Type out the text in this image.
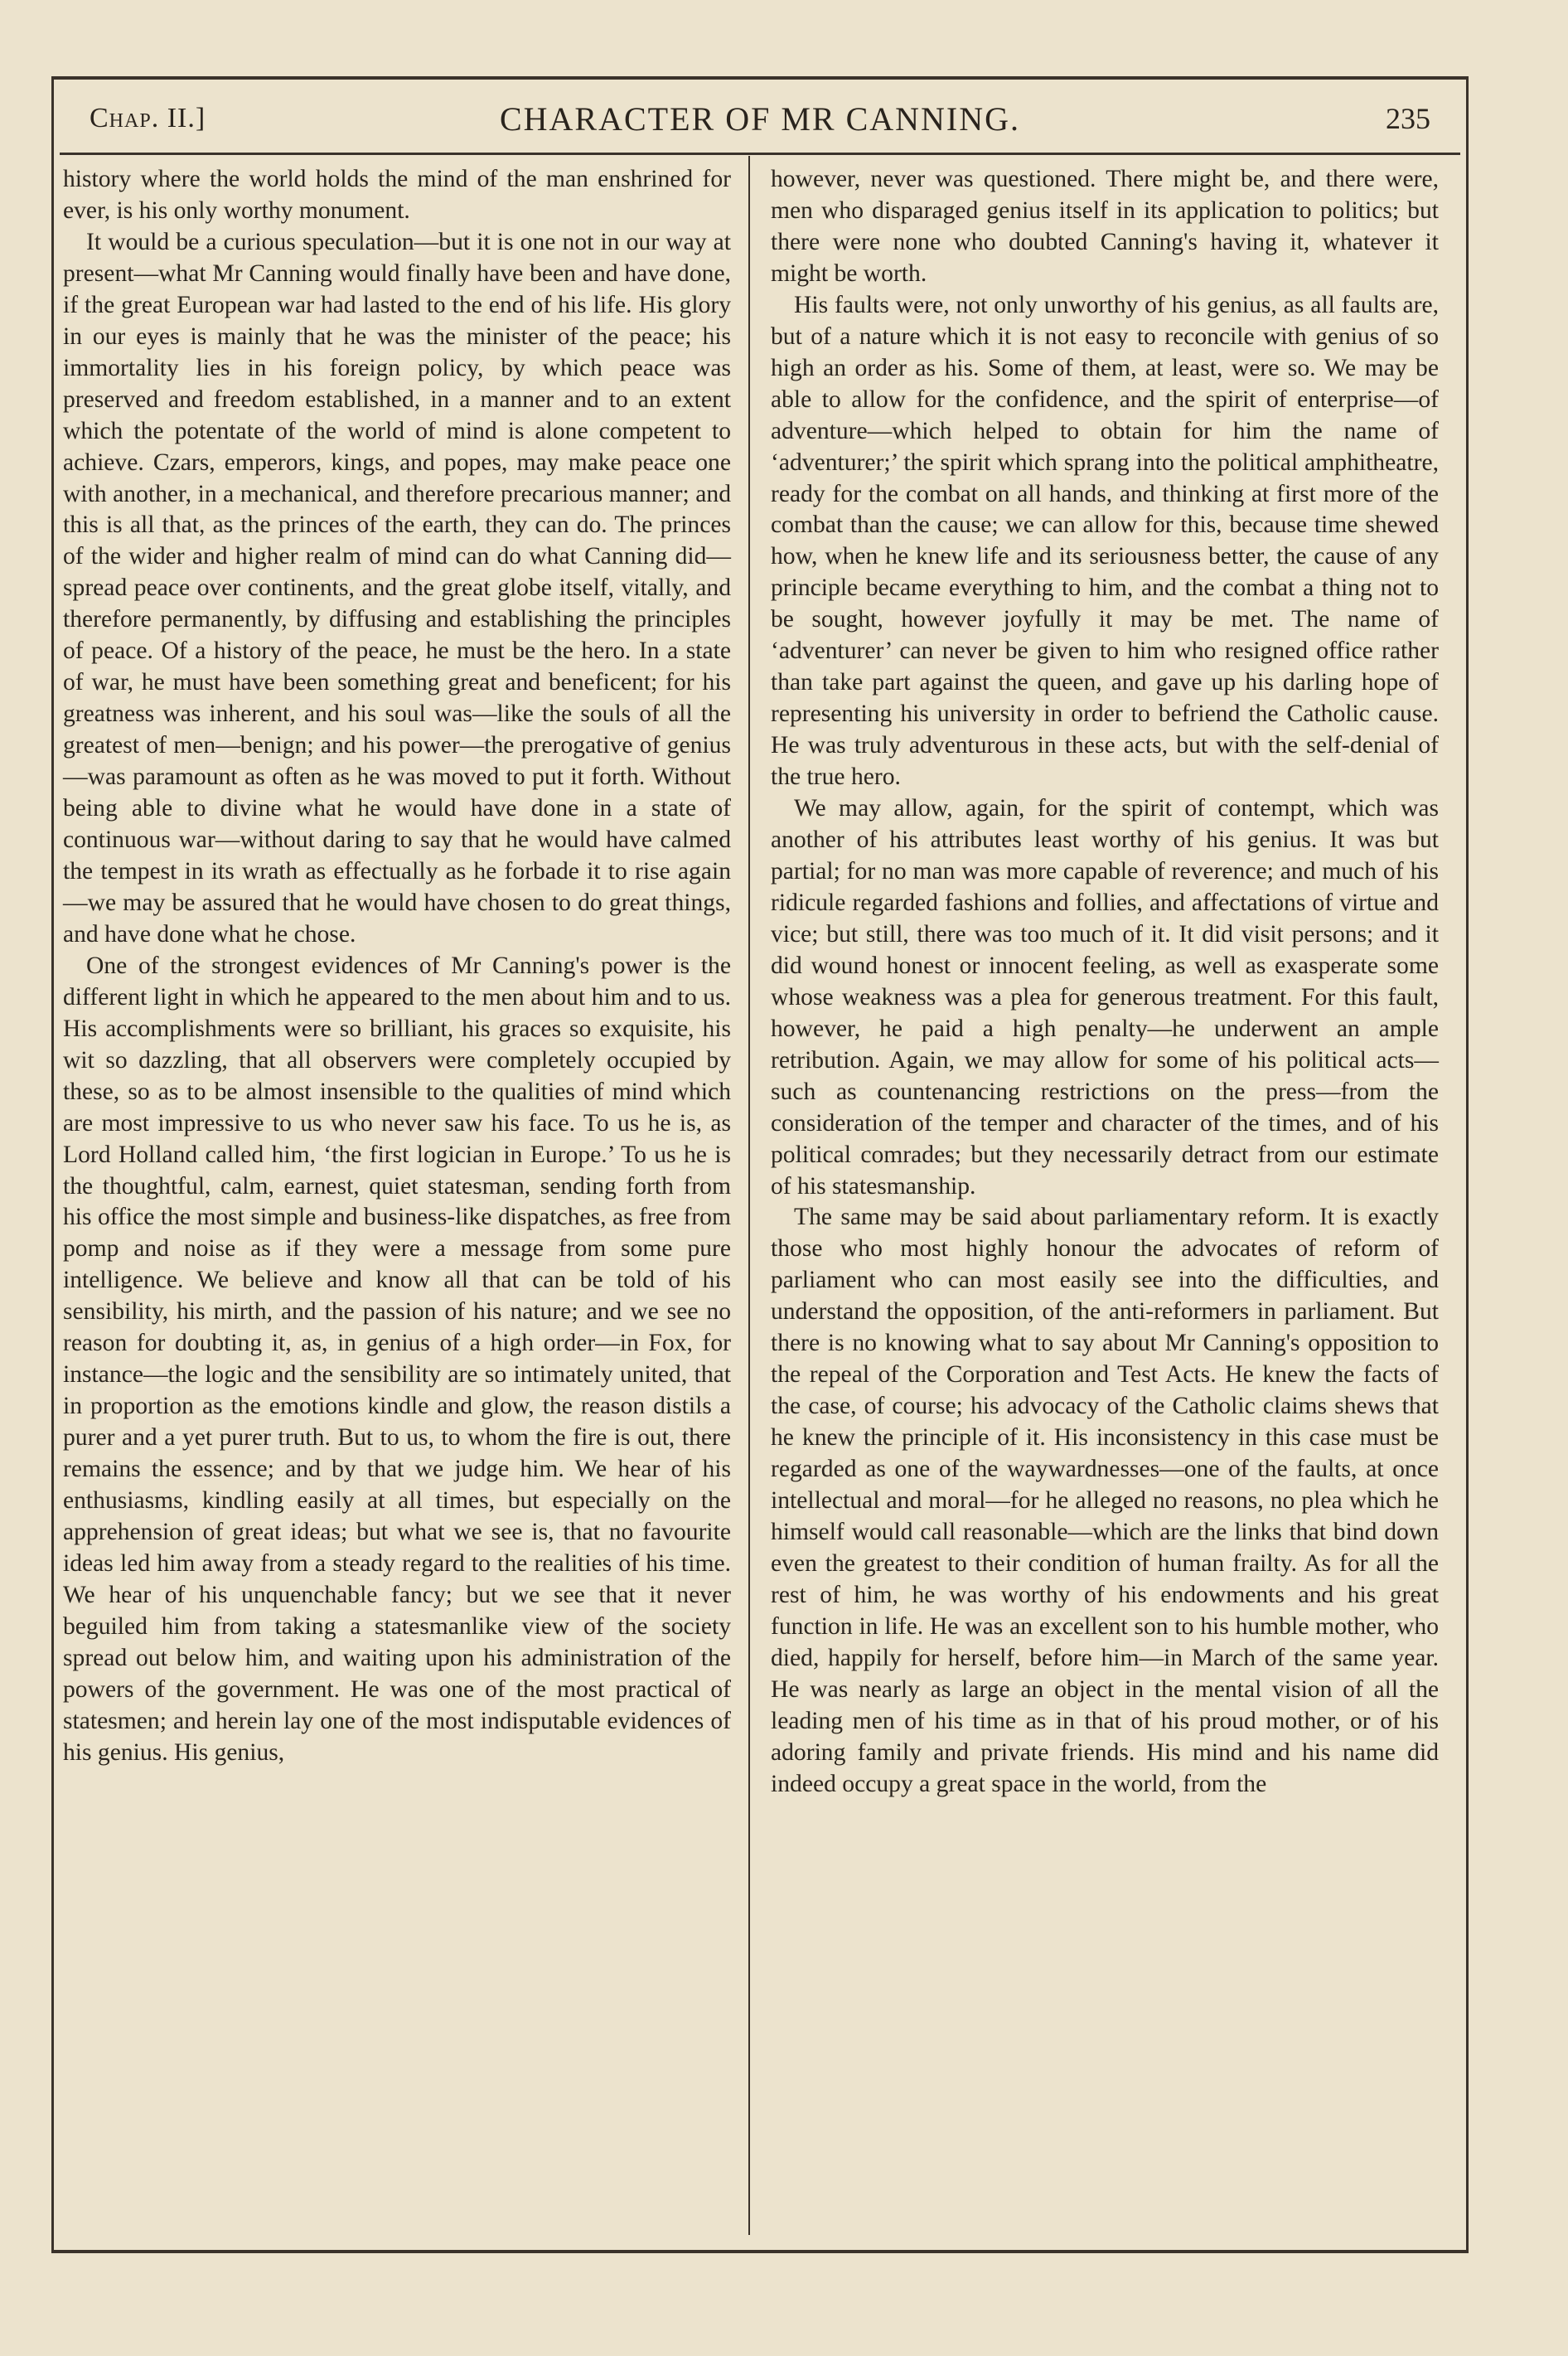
Chap. II.]	CHARACTER OF MR CANNING.	235

history where the world holds the mind of the man enshrined for ever, is his only worthy monument.

It would be a curious speculation—but it is one not in our way at present—what Mr Canning would finally have been and have done, if the great European war had lasted to the end of his life. His glory in our eyes is mainly that he was the minister of the peace; his immortality lies in his foreign policy, by which peace was preserved and freedom established, in a manner and to an extent which the potentate of the world of mind is alone competent to achieve. Czars, emperors, kings, and popes, may make peace one with another, in a mechanical, and therefore precarious manner; and this is all that, as the princes of the earth, they can do. The princes of the wider and higher realm of mind can do what Canning did—spread peace over continents, and the great globe itself, vitally, and therefore permanently, by diffusing and establishing the principles of peace. Of a history of the peace, he must be the hero. In a state of war, he must have been something great and beneficent; for his greatness was inherent, and his soul was—like the souls of all the greatest of men—benign; and his power—the prerogative of genius—was paramount as often as he was moved to put it forth. Without being able to divine what he would have done in a state of continuous war—without daring to say that he would have calmed the tempest in its wrath as effectually as he forbade it to rise again—we may be assured that he would have chosen to do great things, and have done what he chose.

One of the strongest evidences of Mr Canning's power is the different light in which he appeared to the men about him and to us. His accomplishments were so brilliant, his graces so exquisite, his wit so dazzling, that all observers were completely occupied by these, so as to be almost insensible to the qualities of mind which are most impressive to us who never saw his face. To us he is, as Lord Holland called him, ‘the first logician in Europe.’ To us he is the thoughtful, calm, earnest, quiet statesman, sending forth from his office the most simple and business-like dispatches, as free from pomp and noise as if they were a message from some pure intelligence. We believe and know all that can be told of his sensibility, his mirth, and the passion of his nature; and we see no reason for doubting it, as, in genius of a high order—in Fox, for instance—the logic and the sensibility are so intimately united, that in proportion as the emotions kindle and glow, the reason distils a purer and a yet purer truth. But to us, to whom the fire is out, there remains the essence; and by that we judge him. We hear of his enthusiasms, kindling easily at all times, but especially on the apprehension of great ideas; but what we see is, that no favourite ideas led him away from a steady regard to the realities of his time. We hear of his unquenchable fancy; but we see that it never beguiled him from taking a statesmanlike view of the society spread out below him, and waiting upon his administration of the powers of the government. He was one of the most practical of statesmen; and herein lay one of the most indisputable evidences of his genius. His genius,

however, never was questioned. There might be, and there were, men who disparaged genius itself in its application to politics; but there were none who doubted Canning's having it, whatever it might be worth.

His faults were, not only unworthy of his genius, as all faults are, but of a nature which it is not easy to reconcile with genius of so high an order as his. Some of them, at least, were so. We may be able to allow for the confidence, and the spirit of enterprise—of adventure—which helped to obtain for him the name of ‘adventurer;’ the spirit which sprang into the political amphitheatre, ready for the combat on all hands, and thinking at first more of the combat than the cause; we can allow for this, because time shewed how, when he knew life and its seriousness better, the cause of any principle became everything to him, and the combat a thing not to be sought, however joyfully it may be met. The name of ‘adventurer’ can never be given to him who resigned office rather than take part against the queen, and gave up his darling hope of representing his university in order to befriend the Catholic cause. He was truly adventurous in these acts, but with the self-denial of the true hero.

We may allow, again, for the spirit of contempt, which was another of his attributes least worthy of his genius. It was but partial; for no man was more capable of reverence; and much of his ridicule regarded fashions and follies, and affectations of virtue and vice; but still, there was too much of it. It did visit persons; and it did wound honest or innocent feeling, as well as exasperate some whose weakness was a plea for generous treatment. For this fault, however, he paid a high penalty—he underwent an ample retribution. Again, we may allow for some of his political acts—such as countenancing restrictions on the press—from the consideration of the temper and character of the times, and of his political comrades; but they necessarily detract from our estimate of his statesmanship.

The same may be said about parliamentary reform. It is exactly those who most highly honour the advocates of reform of parliament who can most easily see into the difficulties, and understand the opposition, of the anti-reformers in parliament. But there is no knowing what to say about Mr Canning's opposition to the repeal of the Corporation and Test Acts. He knew the facts of the case, of course; his advocacy of the Catholic claims shews that he knew the principle of it. His inconsistency in this case must be regarded as one of the waywardnesses—one of the faults, at once intellectual and moral—for he alleged no reasons, no plea which he himself would call reasonable—which are the links that bind down even the greatest to their condition of human frailty. As for all the rest of him, he was worthy of his endowments and his great function in life. He was an excellent son to his humble mother, who died, happily for herself, before him—in March of the same year. He was nearly as large an object in the mental vision of all the leading men of his time as in that of his proud mother, or of his adoring family and private friends. His mind and his name did indeed occupy a great space in the world, from the
